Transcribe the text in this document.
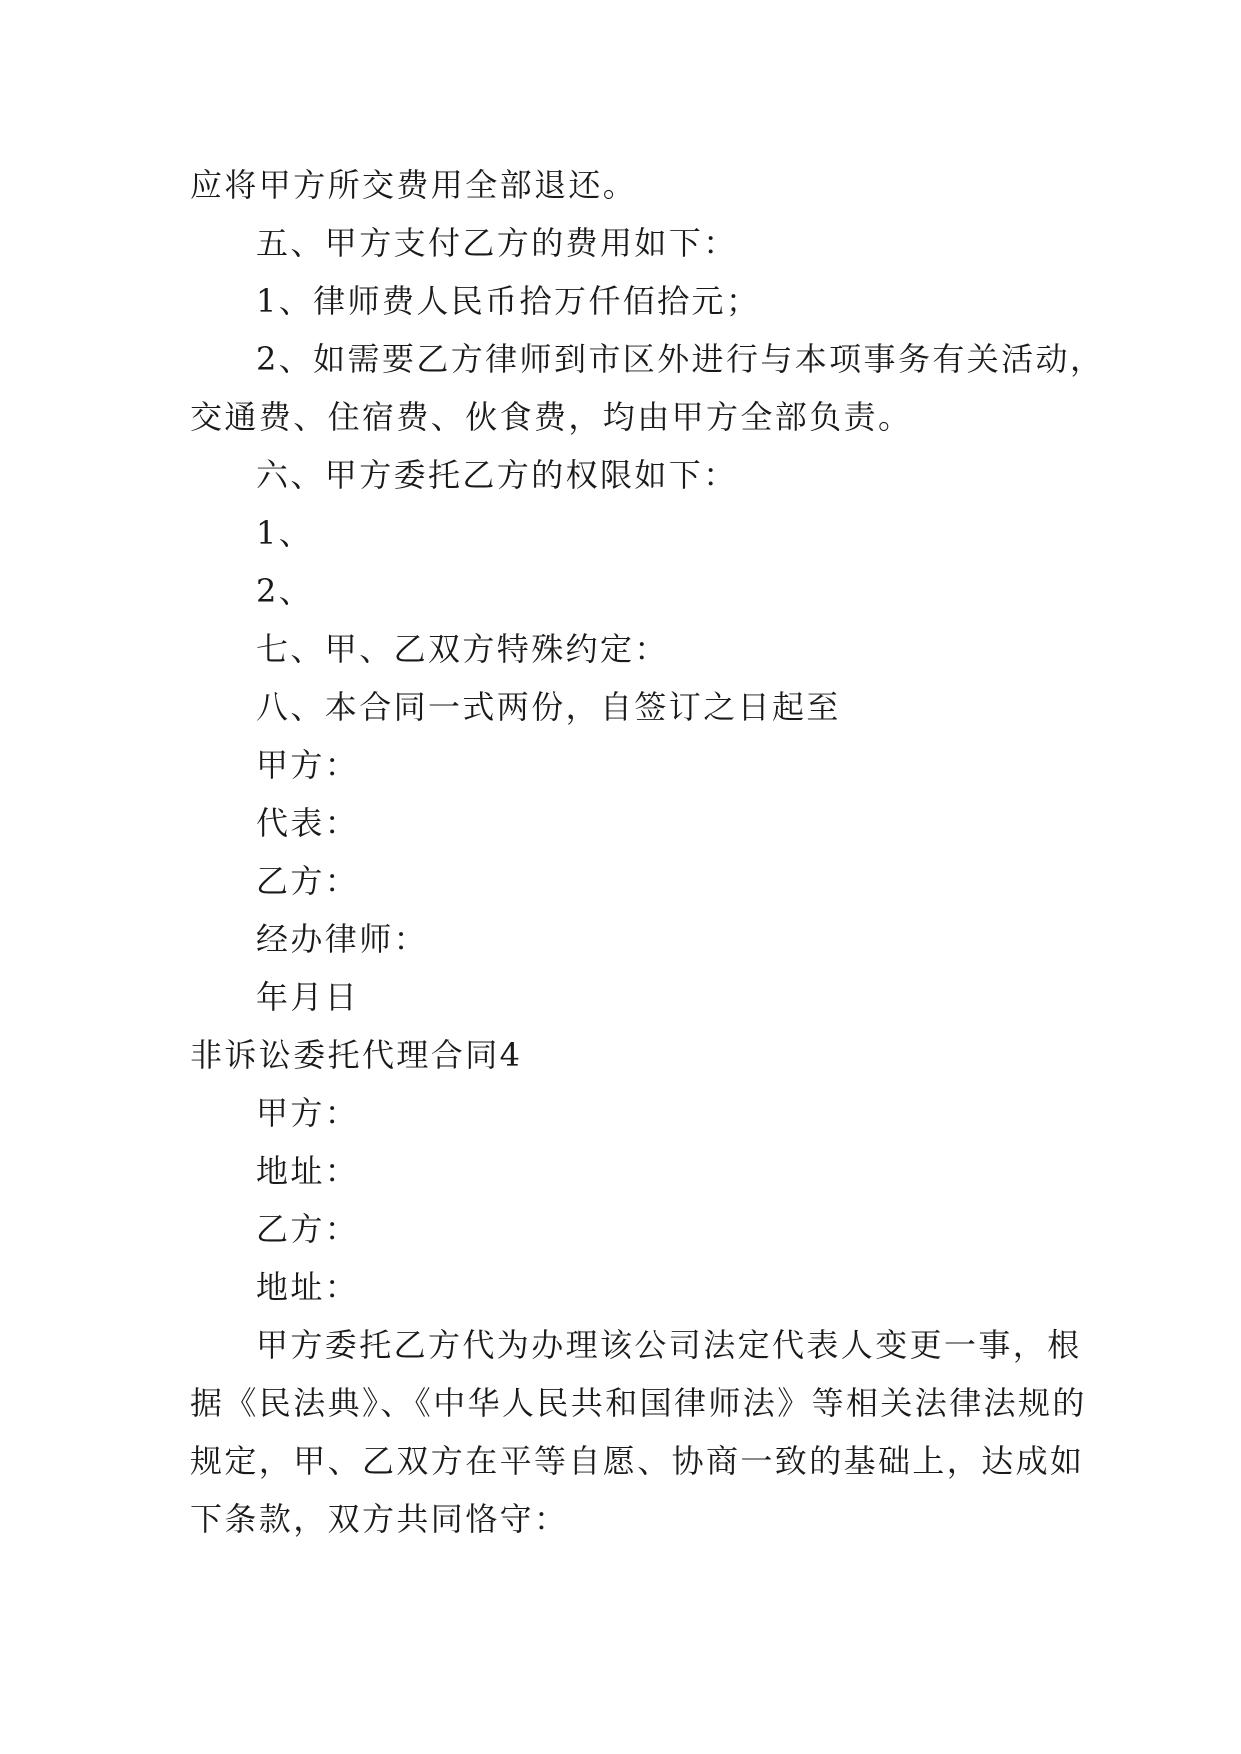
应将甲方所交费用全部退还。
五、甲方支付乙方的费用如下：
1、律师费人民币拾万仟佰拾元；
2、如需要乙方律师到市区外进行与本项事务有关活动，
交通费、住宿费、伙食费，均由甲方全部负责。
六、甲方委托乙方的权限如下：
1、
2、
七、甲、乙双方特殊约定：
八、本合同一式两份，自签订之日起至
甲方：
代表：
乙方：
经办律师：
年月日
非诉讼委托代理合同4
甲方：
地址：
乙方：
地址：
甲方委托乙方代为办理该公司法定代表人变更一事，根
据《民法典》、《中华人民共和国律师法》等相关法律法规的
规定，甲、乙双方在平等自愿、协商一致的基础上，达成如
下条款，双方共同恪守：
